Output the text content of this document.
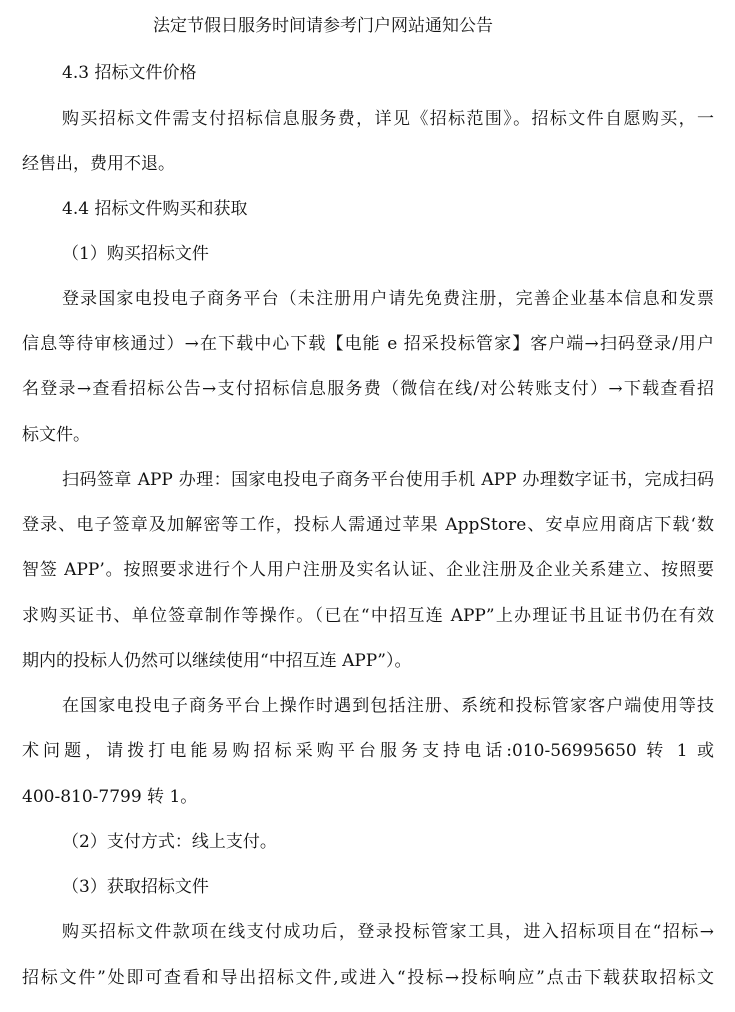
法定节假日服务时间请参考门户网站通知公告
4.3 招标文件价格
购买招标文件需支付招标信息服务费，详见《招标范围》。招标文件自愿购买，一
经售出，费用不退。
4.4 招标文件购买和获取
（1）购买招标文件
登录国家电投电子商务平台（未注册用户请先免费注册，完善企业基本信息和发票
信息等待审核通过）→在下载中心下载【电能 e 招采投标管家】客户端→扫码登录/用户
名登录→查看招标公告→支付招标信息服务费（微信在线/对公转账支付）→下载查看招
标文件。
扫码签章 APP 办理：国家电投电子商务平台使用手机 APP 办理数字证书，完成扫码
登录、电子签章及加解密等工作，投标人需通过苹果 AppStore、安卓应用商店下载‘数
智签 APP’。按照要求进行个人用户注册及实名认证、企业注册及企业关系建立、按照要
求购买证书、单位签章制作等操作。（已在“中招互连 APP”上办理证书且证书仍在有效
期内的投标人仍然可以继续使用“中招互连 APP”）。
在国家电投电子商务平台上操作时遇到包括注册、系统和投标管家客户端使用等技
术问题，请拨打电能易购招标采购平台服务支持电话:010-56995650 转 1 或
400-810-7799 转 1。
（2）支付方式：线上支付。
（3）获取招标文件
购买招标文件款项在线支付成功后，登录投标管家工具，进入招标项目在“招标→
招标文件”处即可查看和导出招标文件,或进入“投标→投标响应”点击下载获取招标文
